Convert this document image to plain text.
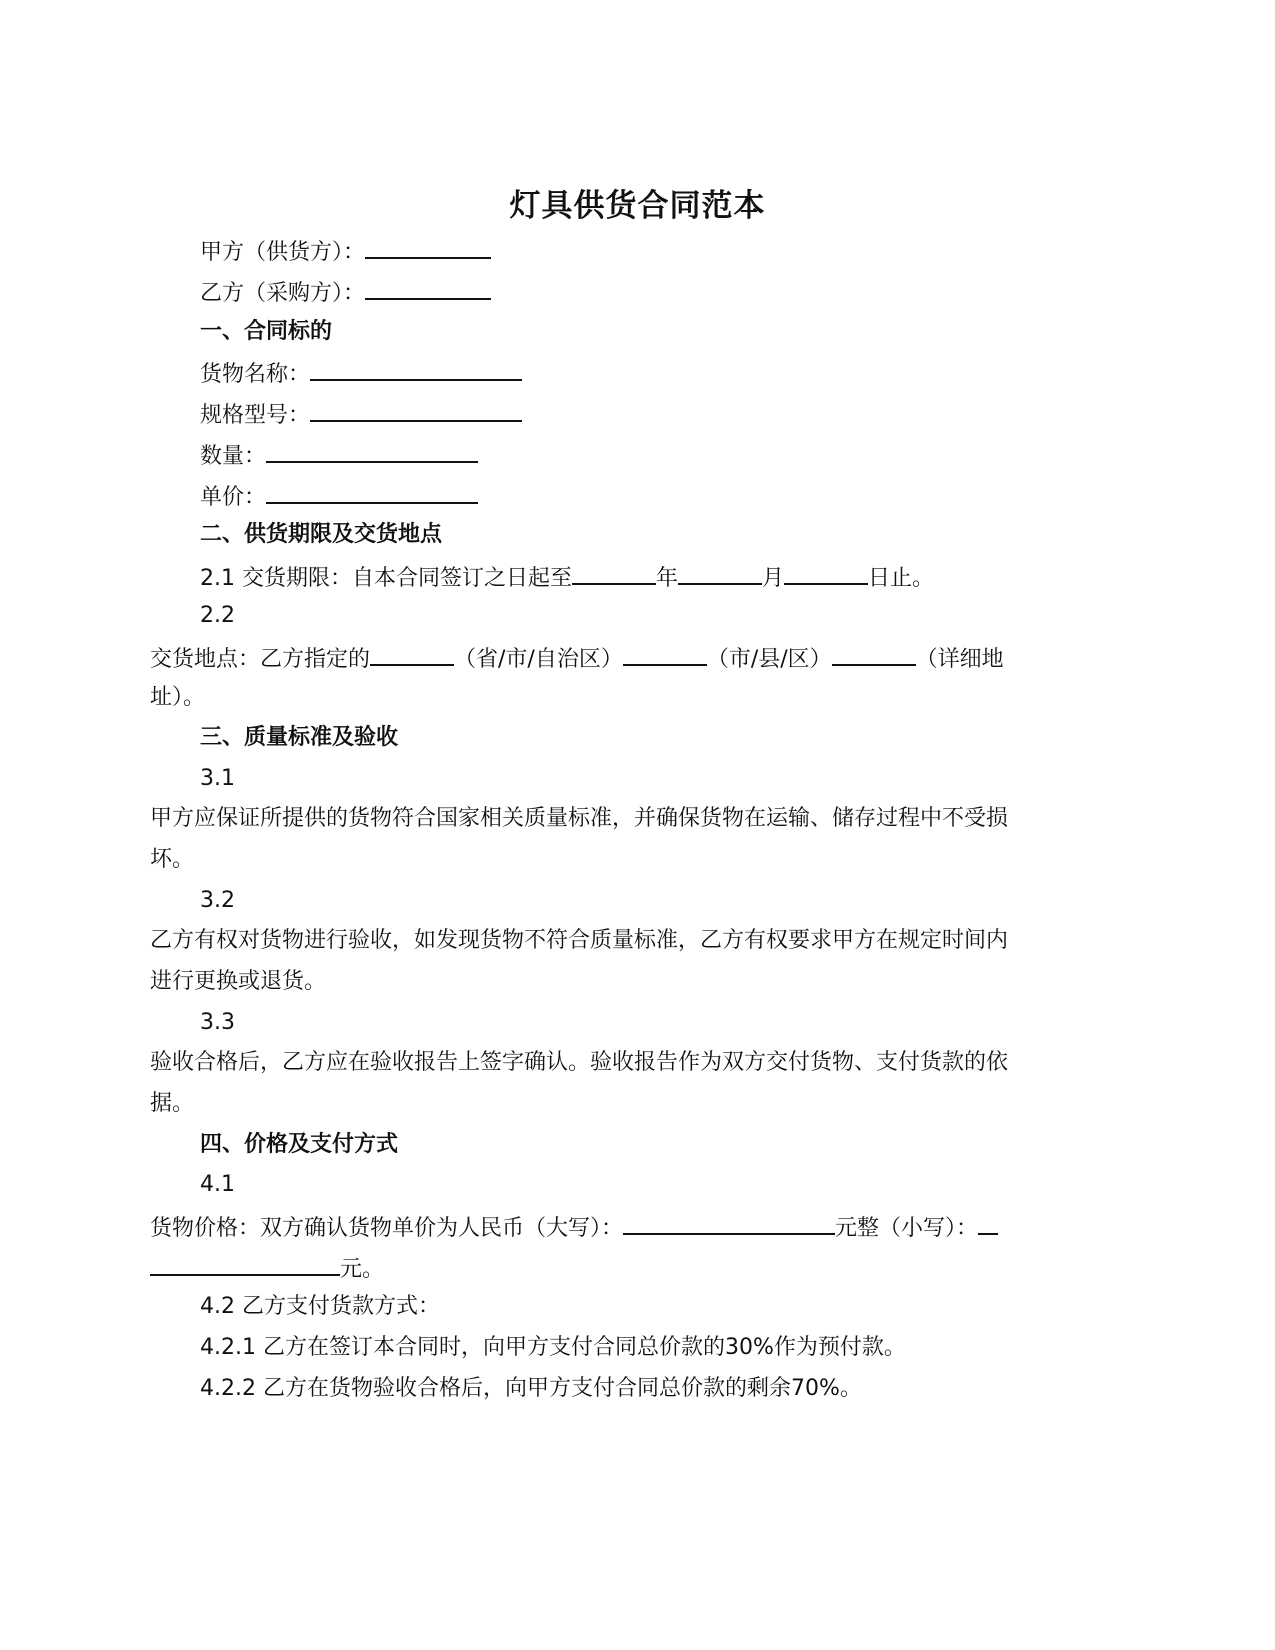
灯具供货合同范本
甲方（供货方）：
乙方（采购方）：
一、合同标的
货物名称：
规格型号：
数量：
单价：
二、供货期限及交货地点
2.1 交货期限：自本合同签订之日起至	年	月	日止。
2.2
交货地点：乙方指定的	（省/市/自治区）	（市/县/区）	（详细地
址）。
三、质量标准及验收
3.1
甲方应保证所提供的货物符合国家相关质量标准，并确保货物在运输、储存过程中不受损
坏。
3.2
乙方有权对货物进行验收，如发现货物不符合质量标准，乙方有权要求甲方在规定时间内
进行更换或退货。
3.3
验收合格后，乙方应在验收报告上签字确认。验收报告作为双方交付货物、支付货款的依
据。
四、价格及支付方式
4.1
货物价格：双方确认货物单价为人民币（大写）：	元整（小写）：
元。
4.2 乙方支付货款方式：
4.2.1 乙方在签订本合同时，向甲方支付合同总价款的30%作为预付款。
4.2.2 乙方在货物验收合格后，向甲方支付合同总价款的剩余70%。
